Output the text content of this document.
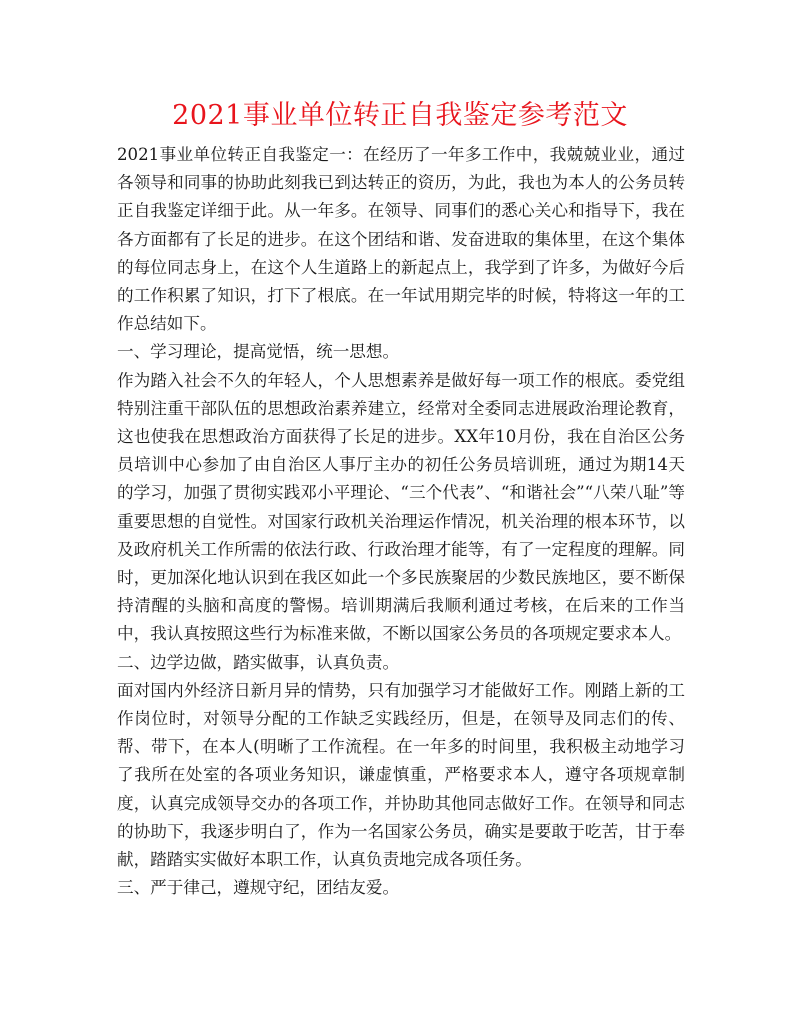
2021事业单位转正自我鉴定参考范文

2021事业单位转正自我鉴定一：在经历了一年多工作中，我兢兢业业，通过各领导和同事的协助此刻我已到达转正的资历，为此，我也为本人的公务员转正自我鉴定详细于此。从一年多。在领导、同事们的悉心关心和指导下，我在各方面都有了长足的进步。在这个团结和谐、发奋进取的集体里，在这个集体的每位同志身上，在这个人生道路上的新起点上，我学到了许多，为做好今后的工作积累了知识，打下了根底。在一年试用期完毕的时候，特将这一年的工作总结如下。

一、学习理论，提高觉悟，统一思想。

作为踏入社会不久的年轻人，个人思想素养是做好每一项工作的根底。委党组特别注重干部队伍的思想政治素养建立，经常对全委同志进展政治理论教育，这也使我在思想政治方面获得了长足的进步。XX年10月份，我在自治区公务员培训中心参加了由自治区人事厅主办的初任公务员培训班，通过为期14天的学习，加强了贯彻实践邓小平理论、“三个代表”、“和谐社会”“八荣八耻”等重要思想的自觉性。对国家行政机关治理运作情况，机关治理的根本环节，以及政府机关工作所需的依法行政、行政治理才能等，有了一定程度的理解。同时，更加深化地认识到在我区如此一个多民族聚居的少数民族地区，要不断保持清醒的头脑和高度的警惕。培训期满后我顺利通过考核，在后来的工作当中，我认真按照这些行为标准来做，不断以国家公务员的各项规定要求本人。

二、边学边做，踏实做事，认真负责。

面对国内外经济日新月异的情势，只有加强学习才能做好工作。刚踏上新的工作岗位时，对领导分配的工作缺乏实践经历，但是，在领导及同志们的传、帮、带下，在本人(明晰了工作流程。在一年多的时间里，我积极主动地学习了我所在处室的各项业务知识，谦虚慎重，严格要求本人，遵守各项规章制度，认真完成领导交办的各项工作，并协助其他同志做好工作。在领导和同志的协助下，我逐步明白了，作为一名国家公务员，确实是要敢于吃苦，甘于奉献，踏踏实实做好本职工作，认真负责地完成各项任务。

三、严于律己，遵规守纪，团结友爱。
